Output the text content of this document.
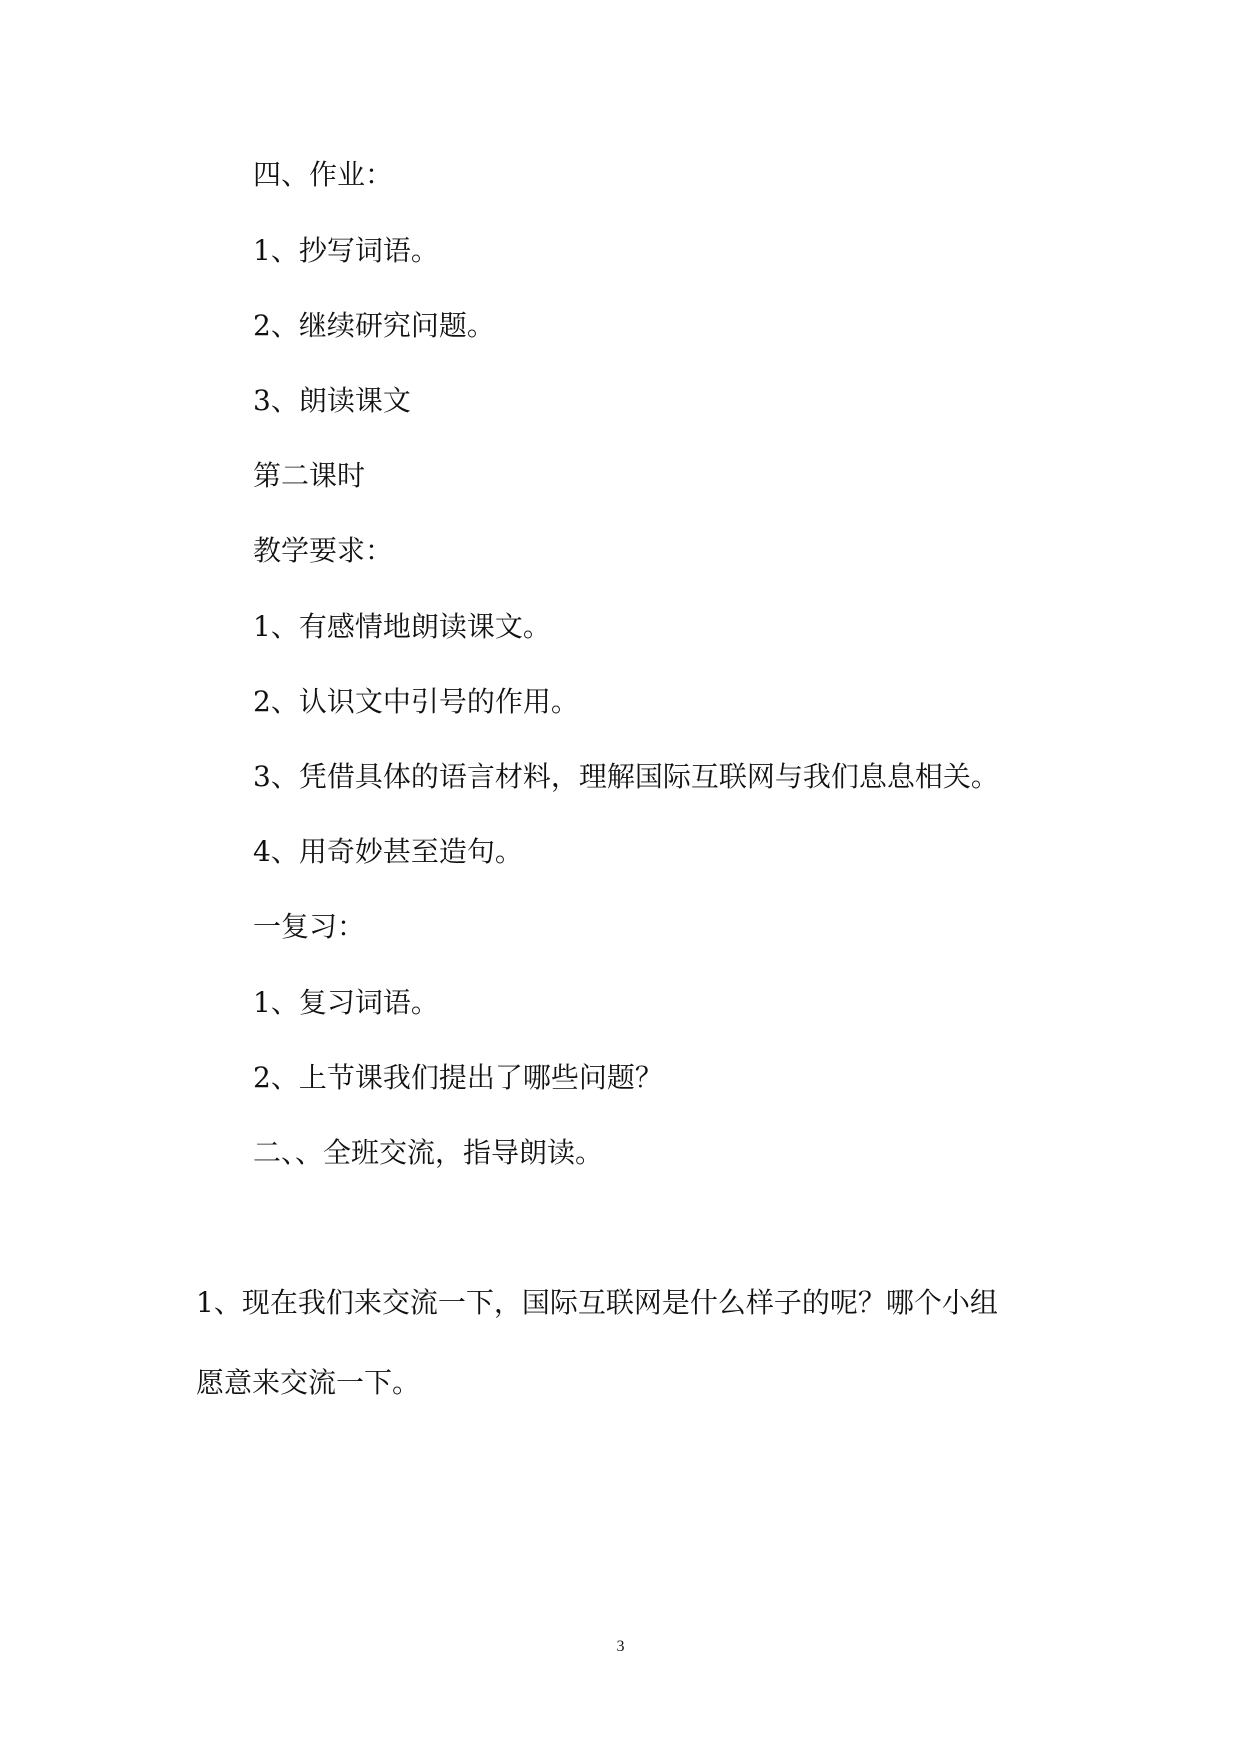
四、作业：

1、抄写词语。

2、继续研究问题。

3、朗读课文

第二课时

教学要求：

1、有感情地朗读课文。

2、认识文中引号的作用。

3、凭借具体的语言材料，理解国际互联网与我们息息相关。

4、用奇妙甚至造句。

一复习：

1、复习词语。

2、上节课我们提出了哪些问题？

二、、全班交流，指导朗读。

1、现在我们来交流一下，国际互联网是什么样子的呢？哪个小组

愿意来交流一下。

3
